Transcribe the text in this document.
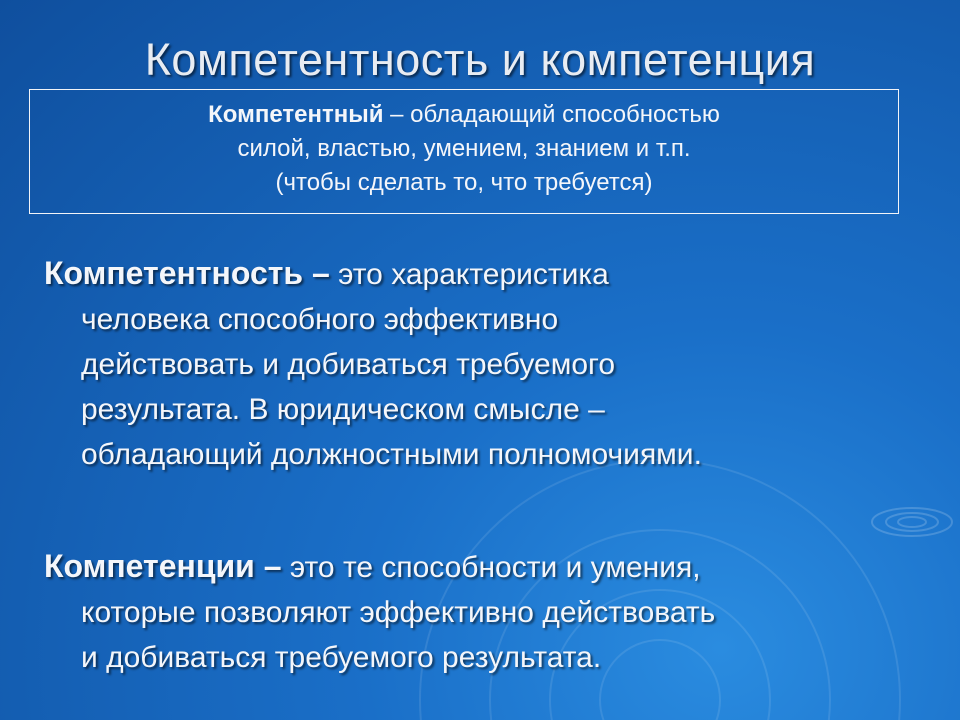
Компетентность и компетенция
Компетентный – обладающий способностью
силой, властью, умением, знанием и т.п.
(чтобы сделать то, что требуется)
Компетентность – это характеристика
человека способного эффективно
действовать и добиваться требуемого
результата. В юридическом смысле –
обладающий должностными полномочиями.
Компетенции – это те способности и умения,
которые позволяют эффективно действовать
и добиваться требуемого результата.
